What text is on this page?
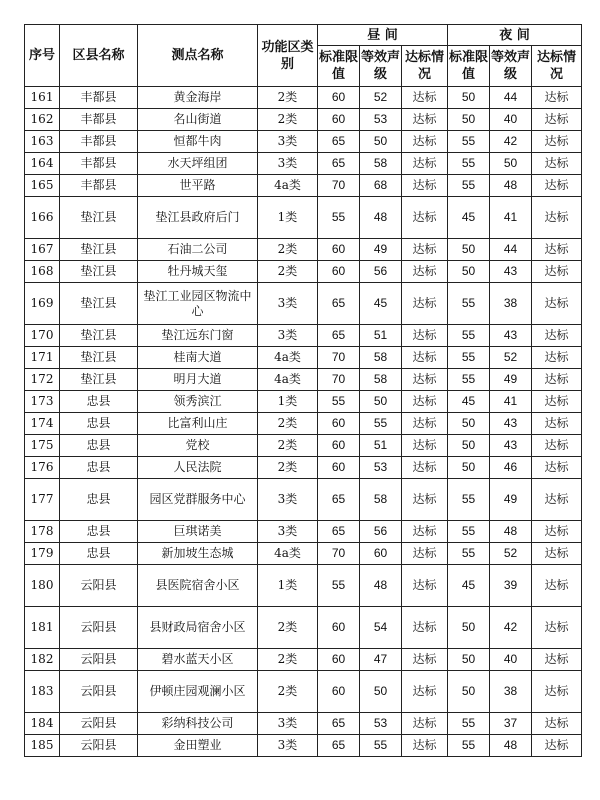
序号	区县名称	测点名称	功能区类别	昼 间			夜 间		
				标准限值	等效声级	达标情况	标准限值	等效声级	达标情况
161	丰都县	黄金海岸	2类	60	52	达标	50	44	达标
162	丰都县	名山街道	2类	60	53	达标	50	40	达标
163	丰都县	恒都牛肉	3类	65	50	达标	55	42	达标
164	丰都县	水天坪组团	3类	65	58	达标	55	50	达标
165	丰都县	世平路	4a类	70	68	达标	55	48	达标
166	垫江县	垫江县政府后门	1类	55	48	达标	45	41	达标
167	垫江县	石油二公司	2类	60	49	达标	50	44	达标
168	垫江县	牡丹城天玺	2类	60	56	达标	50	43	达标
169	垫江县	垫江工业园区物流中心	3类	65	45	达标	55	38	达标
170	垫江县	垫江远东门窗	3类	65	51	达标	55	43	达标
171	垫江县	桂南大道	4a类	70	58	达标	55	52	达标
172	垫江县	明月大道	4a类	70	58	达标	55	49	达标
173	忠县	领秀滨江	1类	55	50	达标	45	41	达标
174	忠县	比富利山庄	2类	60	55	达标	50	43	达标
175	忠县	党校	2类	60	51	达标	50	43	达标
176	忠县	人民法院	2类	60	53	达标	50	46	达标
177	忠县	园区党群服务中心	3类	65	58	达标	55	49	达标
178	忠县	巨琪诺美	3类	65	56	达标	55	48	达标
179	忠县	新加坡生态城	4a类	70	60	达标	55	52	达标
180	云阳县	县医院宿舍小区	1类	55	48	达标	45	39	达标
181	云阳县	县财政局宿舍小区	2类	60	54	达标	50	42	达标
182	云阳县	碧水蓝天小区	2类	60	47	达标	50	40	达标
183	云阳县	伊顿庄园观澜小区	2类	60	50	达标	50	38	达标
184	云阳县	彩纳科技公司	3类	65	53	达标	55	37	达标
185	云阳县	金田塑业	3类	65	55	达标	55	48	达标
